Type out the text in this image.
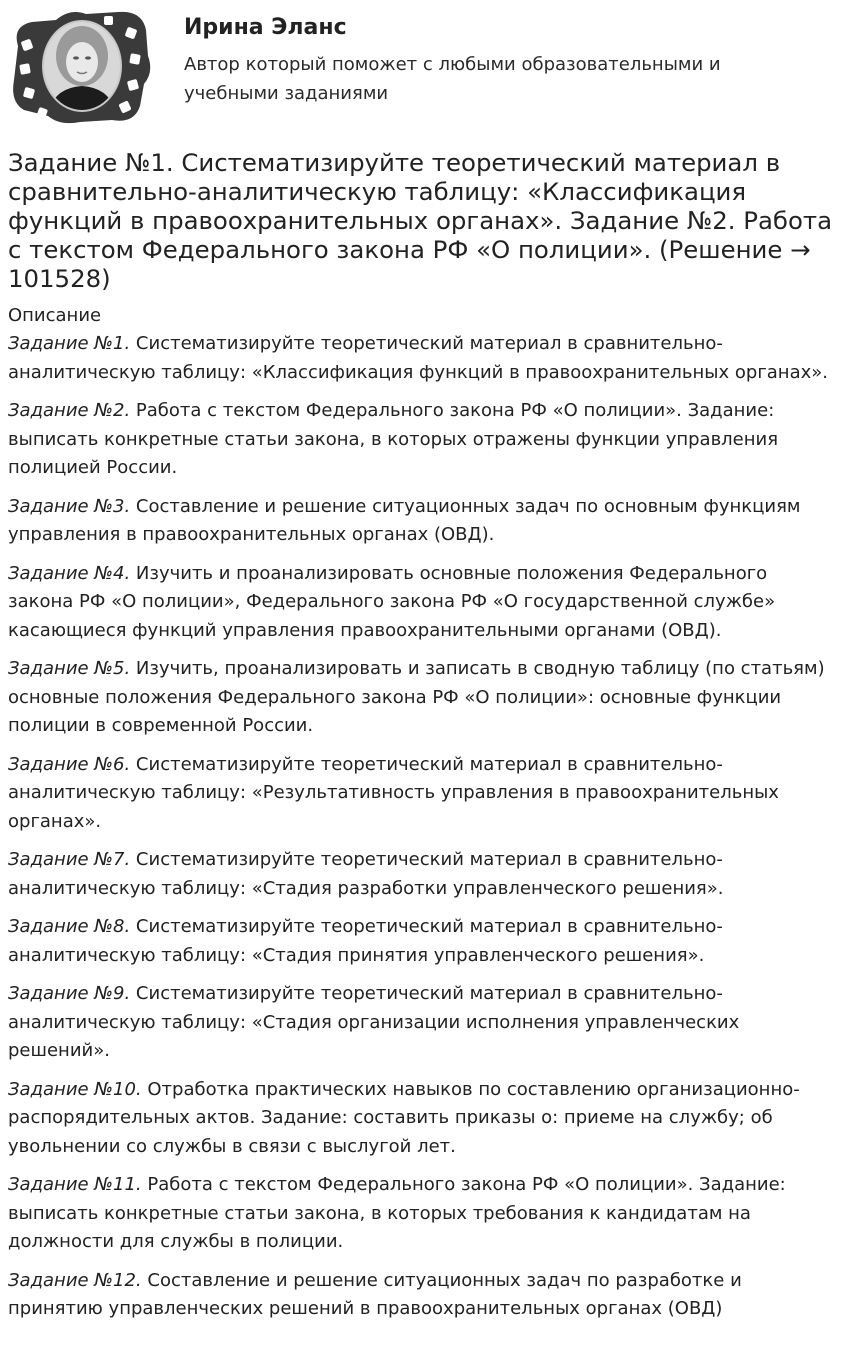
Ирина Эланс

Автор который поможет с любыми образовательными и учебными заданиями

Задание №1. Систематизируйте теоретический материал в сравнительно-аналитическую таблицу: «Классификация функций в правоохранительных органах». Задание №2. Работа с текстом Федерального закона РФ «О полиции». (Решение → 101528)

Описание

Задание №1. Систематизируйте теоретический материал в сравнительно-аналитическую таблицу: «Классификация функций в правоохранительных органах».
Задание №2. Работа с текстом Федерального закона РФ «О полиции». Задание: выписать конкретные статьи закона, в которых отражены функции управления полицией России.
Задание №3. Составление и решение ситуационных задач по основным функциям управления в правоохранительных органах (ОВД).
Задание №4. Изучить и проанализировать основные положения Федерального закона РФ «О полиции», Федерального закона РФ «О государственной службе» касающиеся функций управления правоохранительными органами (ОВД).
Задание №5. Изучить, проанализировать и записать в сводную таблицу (по статьям) основные положения Федерального закона РФ «О полиции»: основные функции полиции в современной России.
Задание №6. Систематизируйте теоретический материал в сравнительно-аналитическую таблицу: «Результативность управления в правоохранительных органах».
Задание №7. Систематизируйте теоретический материал в сравнительно-аналитическую таблицу: «Стадия разработки управленческого решения».
Задание №8. Систематизируйте теоретический материал в сравнительно-аналитическую таблицу: «Стадия принятия управленческого решения».
Задание №9. Систематизируйте теоретический материал в сравнительно-аналитическую таблицу: «Стадия организации исполнения управленческих решений».
Задание №10. Отработка практических навыков по составлению организационно-распорядительных актов. Задание: составить приказы о: приеме на службу; об увольнении со службы в связи с выслугой лет.
Задание №11. Работа с текстом Федерального закона РФ «О полиции». Задание: выписать конкретные статьи закона, в которых требования к кандидатам на должности для службы в полиции.
Задание №12. Составление и решение ситуационных задач по разработке и принятию управленческих решений в правоохранительных органах (ОВД)
